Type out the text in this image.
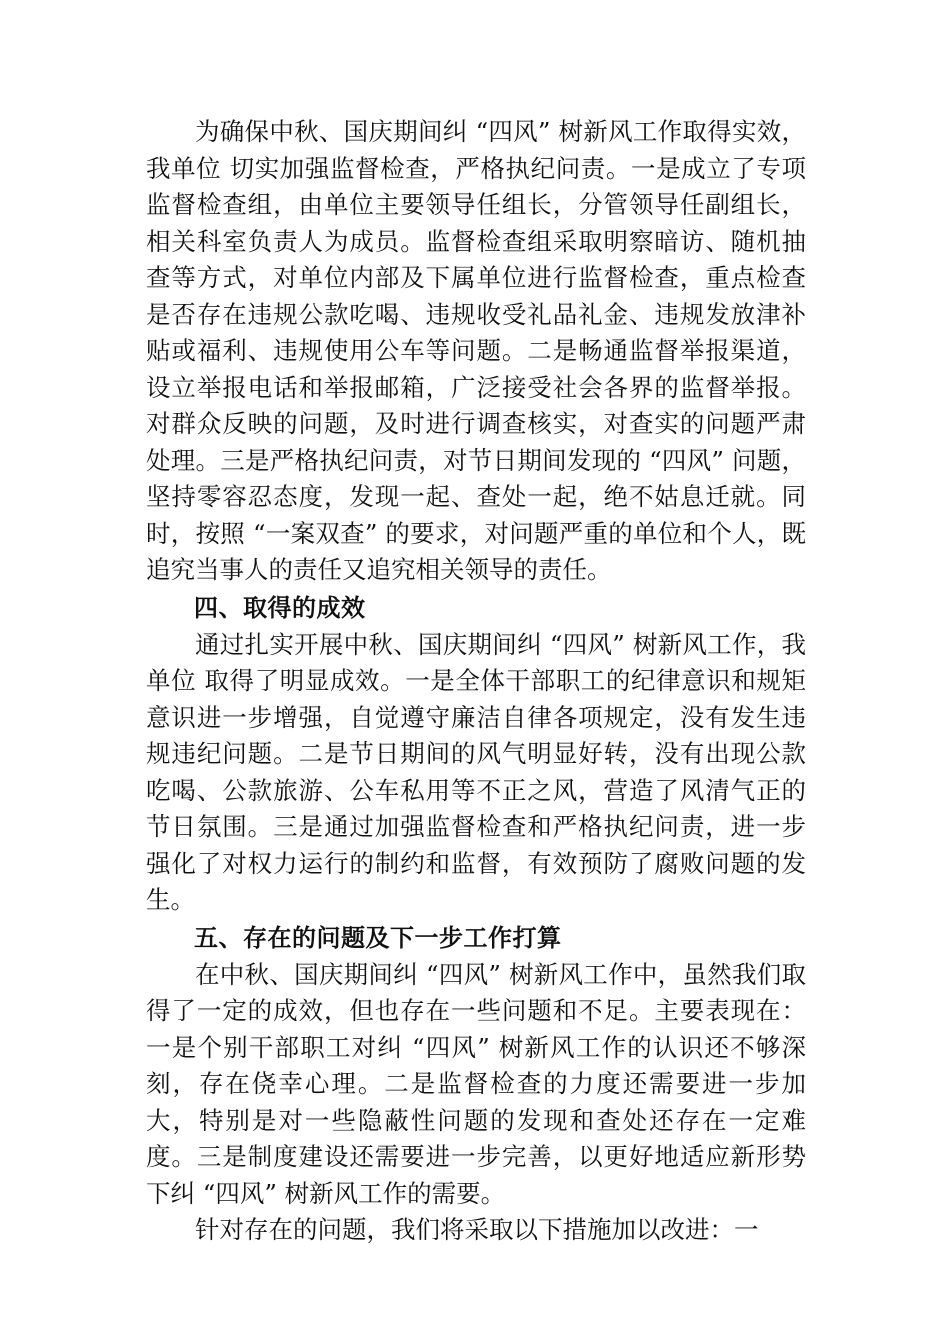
为确保中秋、国庆期间纠 “四风” 树新风工作取得实效，我单位 切实加强监督检查，严格执纪问责。一是成立了专项监督检查组，由单位主要领导任组长，分管领导任副组长，相关科室负责人为成员。监督检查组采取明察暗访、随机抽查等方式，对单位内部及下属单位进行监督检查，重点检查是否存在违规公款吃喝、违规收受礼品礼金、违规发放津补贴或福利、违规使用公车等问题。二是畅通监督举报渠道，设立举报电话和举报邮箱，广泛接受社会各界的监督举报。对群众反映的问题，及时进行调查核实，对查实的问题严肃处理。三是严格执纪问责，对节日期间发现的 “四风” 问题，坚持零容忍态度，发现一起、查处一起，绝不姑息迁就。同时，按照 “一案双查” 的要求，对问题严重的单位和个人，既追究当事人的责任又追究相关领导的责任。

四、取得的成效

通过扎实开展中秋、国庆期间纠 “四风” 树新风工作，我单位 取得了明显成效。一是全体干部职工的纪律意识和规矩意识进一步增强，自觉遵守廉洁自律各项规定，没有发生违规违纪问题。二是节日期间的风气明显好转，没有出现公款吃喝、公款旅游、公车私用等不正之风，营造了风清气正的节日氛围。三是通过加强监督检查和严格执纪问责，进一步强化了对权力运行的制约和监督，有效预防了腐败问题的发生。

五、存在的问题及下一步工作打算

在中秋、国庆期间纠 “四风” 树新风工作中，虽然我们取得了一定的成效，但也存在一些问题和不足。主要表现在：一是个别干部职工对纠 “四风” 树新风工作的认识还不够深刻，存在侥幸心理。二是监督检查的力度还需要进一步加大，特别是对一些隐蔽性问题的发现和查处还存在一定难度。三是制度建设还需要进一步完善，以更好地适应新形势下纠 “四风” 树新风工作的需要。

针对存在的问题，我们将采取以下措施加以改进：一
